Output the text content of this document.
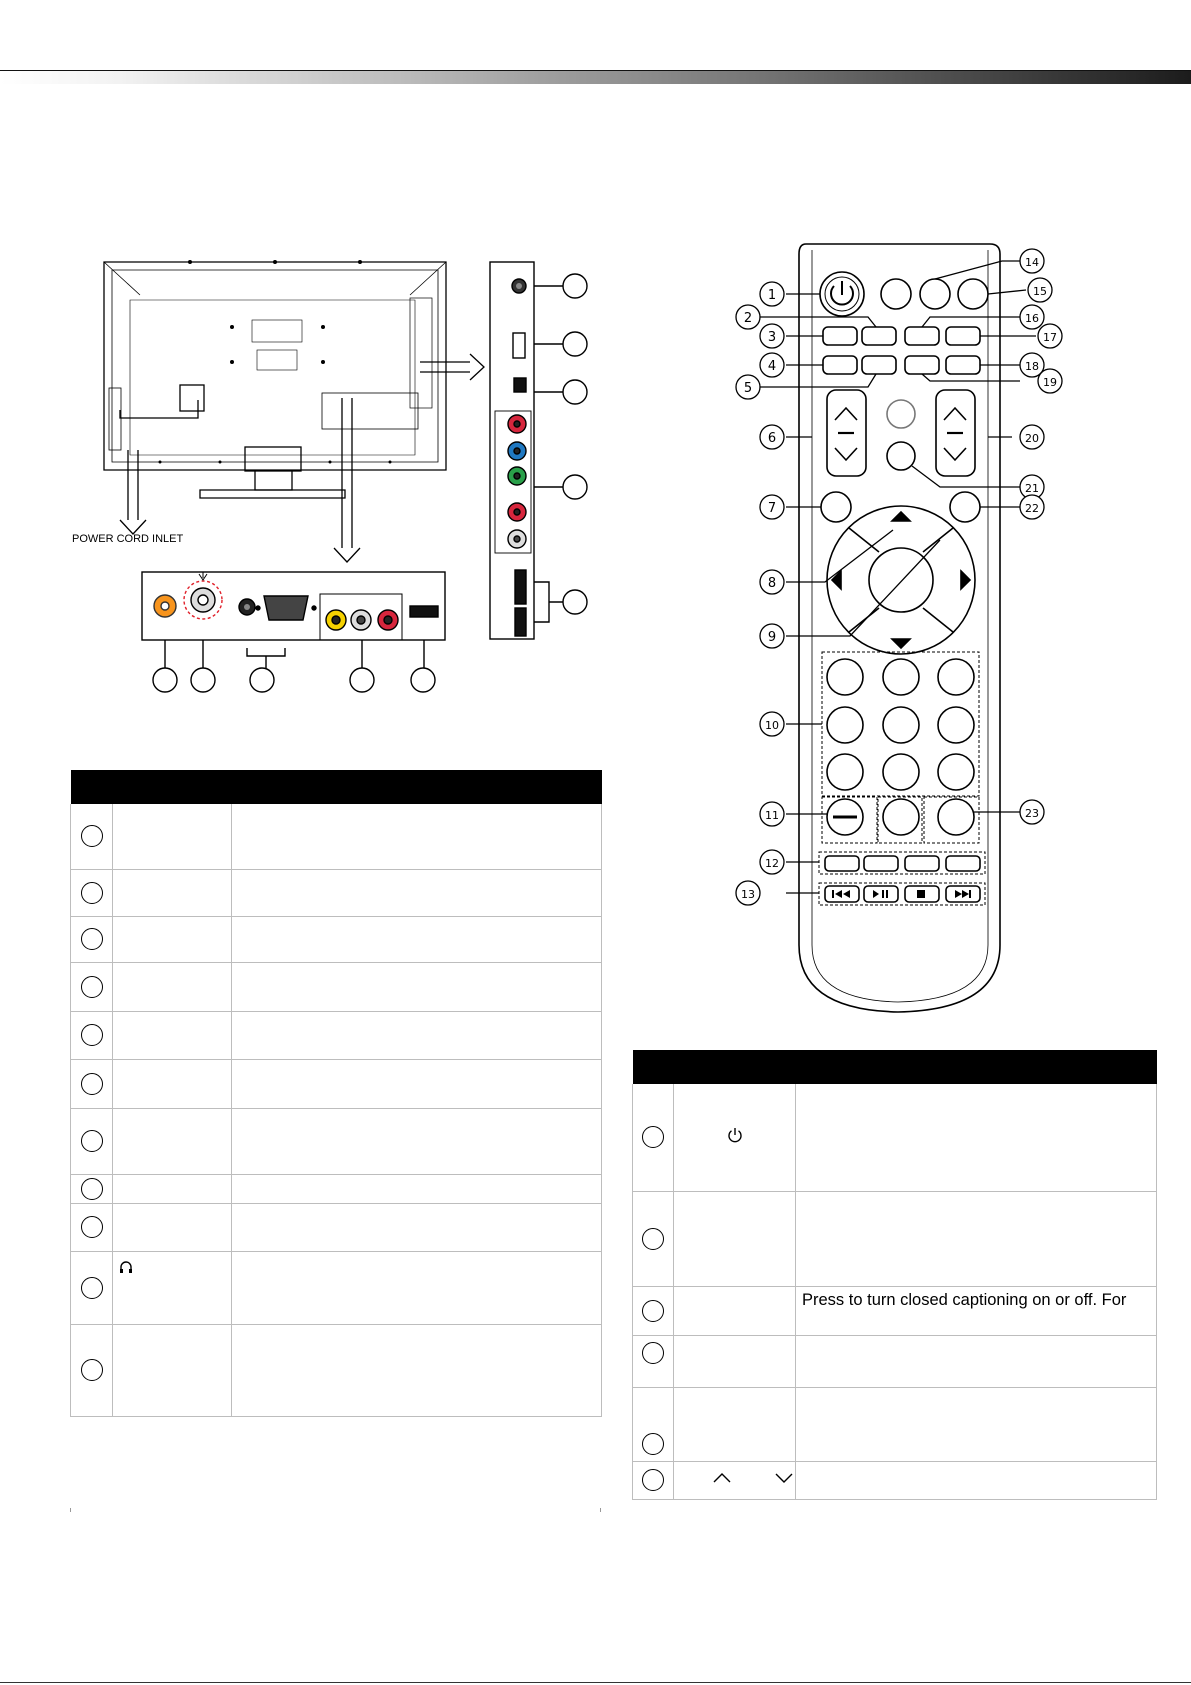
POWER CORD INLET
1
2
3
4
5
6
7
8
9
10
11
12
13
14
15
16
17
18
19
20
21
22
23

		Press to turn closed captioning on or off. For
